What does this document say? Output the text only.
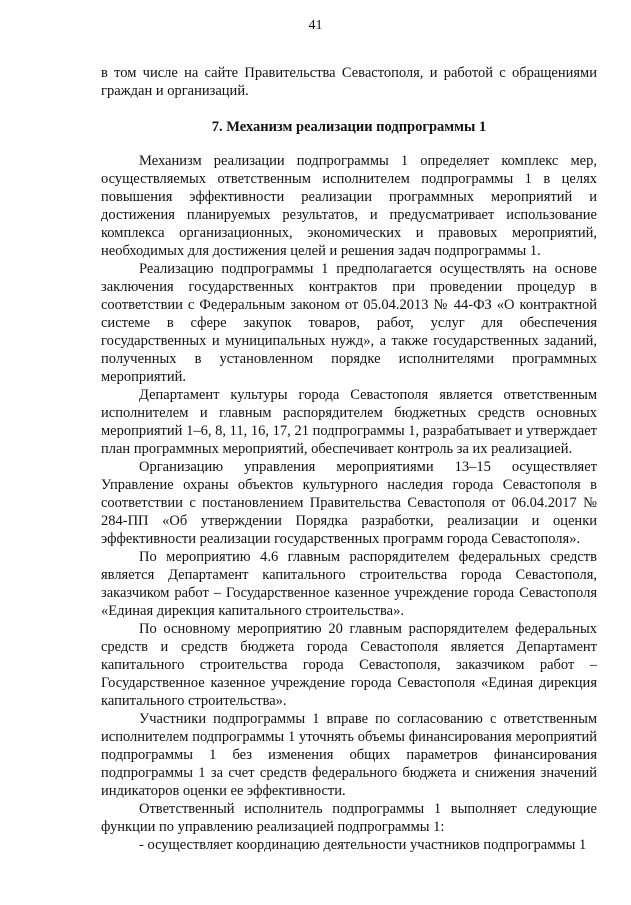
41

в том числе на сайте Правительства Севастополя, и работой с обращениями граждан и организаций.

7. Механизм реализации подпрограммы 1

Механизм реализации подпрограммы 1 определяет комплекс мер, осуществляемых ответственным исполнителем подпрограммы 1 в целях повышения эффективности реализации программных мероприятий и достижения планируемых результатов, и предусматривает использование комплекса организационных, экономических и правовых мероприятий, необходимых для достижения целей и решения задач подпрограммы 1.

Реализацию подпрограммы 1 предполагается осуществлять на основе заключения государственных контрактов при проведении процедур в соответствии с Федеральным законом от 05.04.2013 № 44-ФЗ «О контрактной системе в сфере закупок товаров, работ, услуг для обеспечения государственных и муниципальных нужд», а также государственных заданий, полученных в установленном порядке исполнителями программных мероприятий.

Департамент культуры города Севастополя является ответственным исполнителем и главным распорядителем бюджетных средств основных мероприятий 1–6, 8, 11, 16, 17, 21 подпрограммы 1, разрабатывает и утверждает план программных мероприятий, обеспечивает контроль за их реализацией.

Организацию управления мероприятиями 13–15 осуществляет Управление охраны объектов культурного наследия города Севастополя в соответствии с постановлением Правительства Севастополя от 06.04.2017 № 284-ПП «Об утверждении Порядка разработки, реализации и оценки эффективности реализации государственных программ города Севастополя».

По мероприятию 4.6 главным распорядителем федеральных средств является Департамент капитального строительства города Севастополя, заказчиком работ – Государственное казенное учреждение города Севастополя «Единая дирекция капитального строительства».

По основному мероприятию 20 главным распорядителем федеральных средств и средств бюджета города Севастополя является Департамент капитального строительства города Севастополя, заказчиком работ – Государственное казенное учреждение города Севастополя «Единая дирекция капитального строительства».

Участники подпрограммы 1 вправе по согласованию с ответственным исполнителем подпрограммы 1 уточнять объемы финансирования мероприятий подпрограммы 1 без изменения общих параметров финансирования подпрограммы 1 за счет средств федерального бюджета и снижения значений индикаторов оценки ее эффективности.

Ответственный исполнитель подпрограммы 1 выполняет следующие функции по управлению реализацией подпрограммы 1:

- осуществляет координацию деятельности участников подпрограммы 1
